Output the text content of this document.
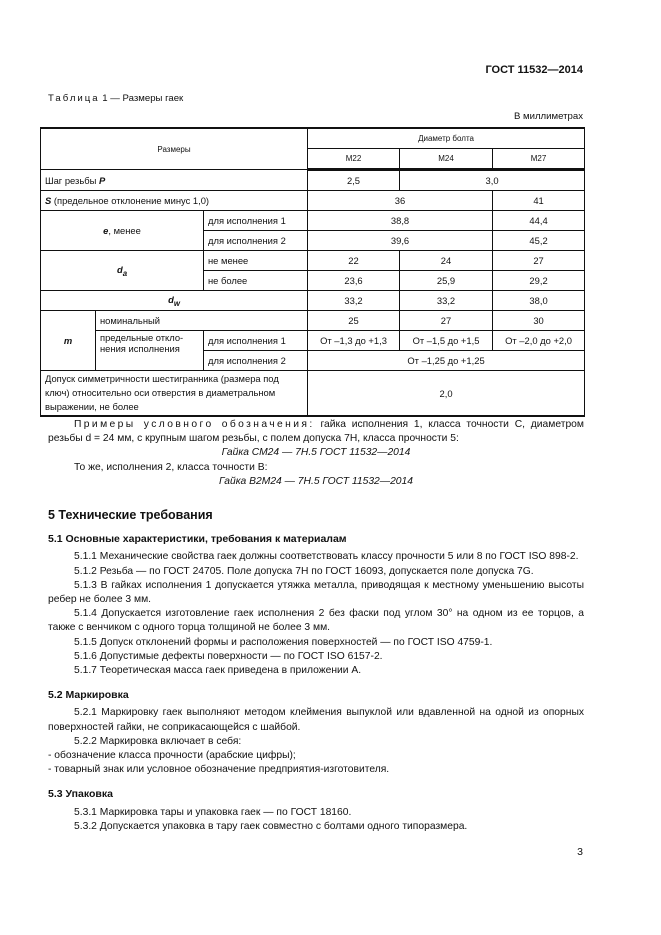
ГОСТ 11532—2014
Таблица 1 — Размеры гаек
В миллиметрах
Размеры			Диаметр болта		
			М22	М24	М27
Шаг резьбы P			2,5	3,0	
S (предельное отклонение минус 1,0)			36		41
e, менее		для исполнения 1	38,8		44,4
		для исполнения 2	39,6		45,2
$d_a$		не менее	22	24	27
		не более	23,6	25,9	29,2
$d_w$			33,2	33,2	38,0
m	номинальный		25	27	30
	предельные откло-нения исполнения	для исполнения 1	От –1,3 до +1,3	От –1,5 до +1,5	От –2,0 до +2,0
		для исполнения 2	От –1,25 до +1,25		
Допуск симметричности шестигранника (размера под ключ) относительно оси отверстия в диаметральном выражении, не более			2,0		
Примеры условного обозначения: гайка исполнения 1, класса точности С, диаметром резьбы d = 24 мм, с крупным шагом резьбы, с полем допуска 7Н, класса прочности 5:
Гайка СМ24 — 7Н.5 ГОСТ 11532—2014
То же, исполнения 2, класса точности В:
Гайка В2М24 — 7Н.5 ГОСТ 11532—2014
5 Технические требования
5.1 Основные характеристики, требования к материалам
5.1.1 Механические свойства гаек должны соответствовать классу прочности 5 или 8 по ГОСТ ISO 898-2.
5.1.2 Резьба — по ГОСТ 24705. Поле допуска 7Н по ГОСТ 16093, допускается поле допуска 7G.
5.1.3 В гайках исполнения 1 допускается утяжка металла, приводящая к местному уменьшению высоты ребер не более 3 мм.
5.1.4 Допускается изготовление гаек исполнения 2 без фаски под углом 30° на одном из ее торцов, а также с венчиком с одного торца толщиной не более 3 мм.
5.1.5 Допуск отклонений формы и расположения поверхностей — по ГОСТ ISO 4759-1.
5.1.6 Допустимые дефекты поверхности — по ГОСТ ISO 6157-2.
5.1.7 Теоретическая масса гаек приведена в приложении А.
5.2 Маркировка
5.2.1 Маркировку гаек выполняют методом клеймения выпуклой или вдавленной на одной из опорных поверхностей гайки, не соприкасающейся с шайбой.
5.2.2 Маркировка включает в себя:
- обозначение класса прочности (арабские цифры);
- товарный знак или условное обозначение предприятия-изготовителя.
5.3 Упаковка
5.3.1 Маркировка тары и упаковка гаек — по ГОСТ 18160.
5.3.2 Допускается упаковка в тару гаек совместно с болтами одного типоразмера.
3
